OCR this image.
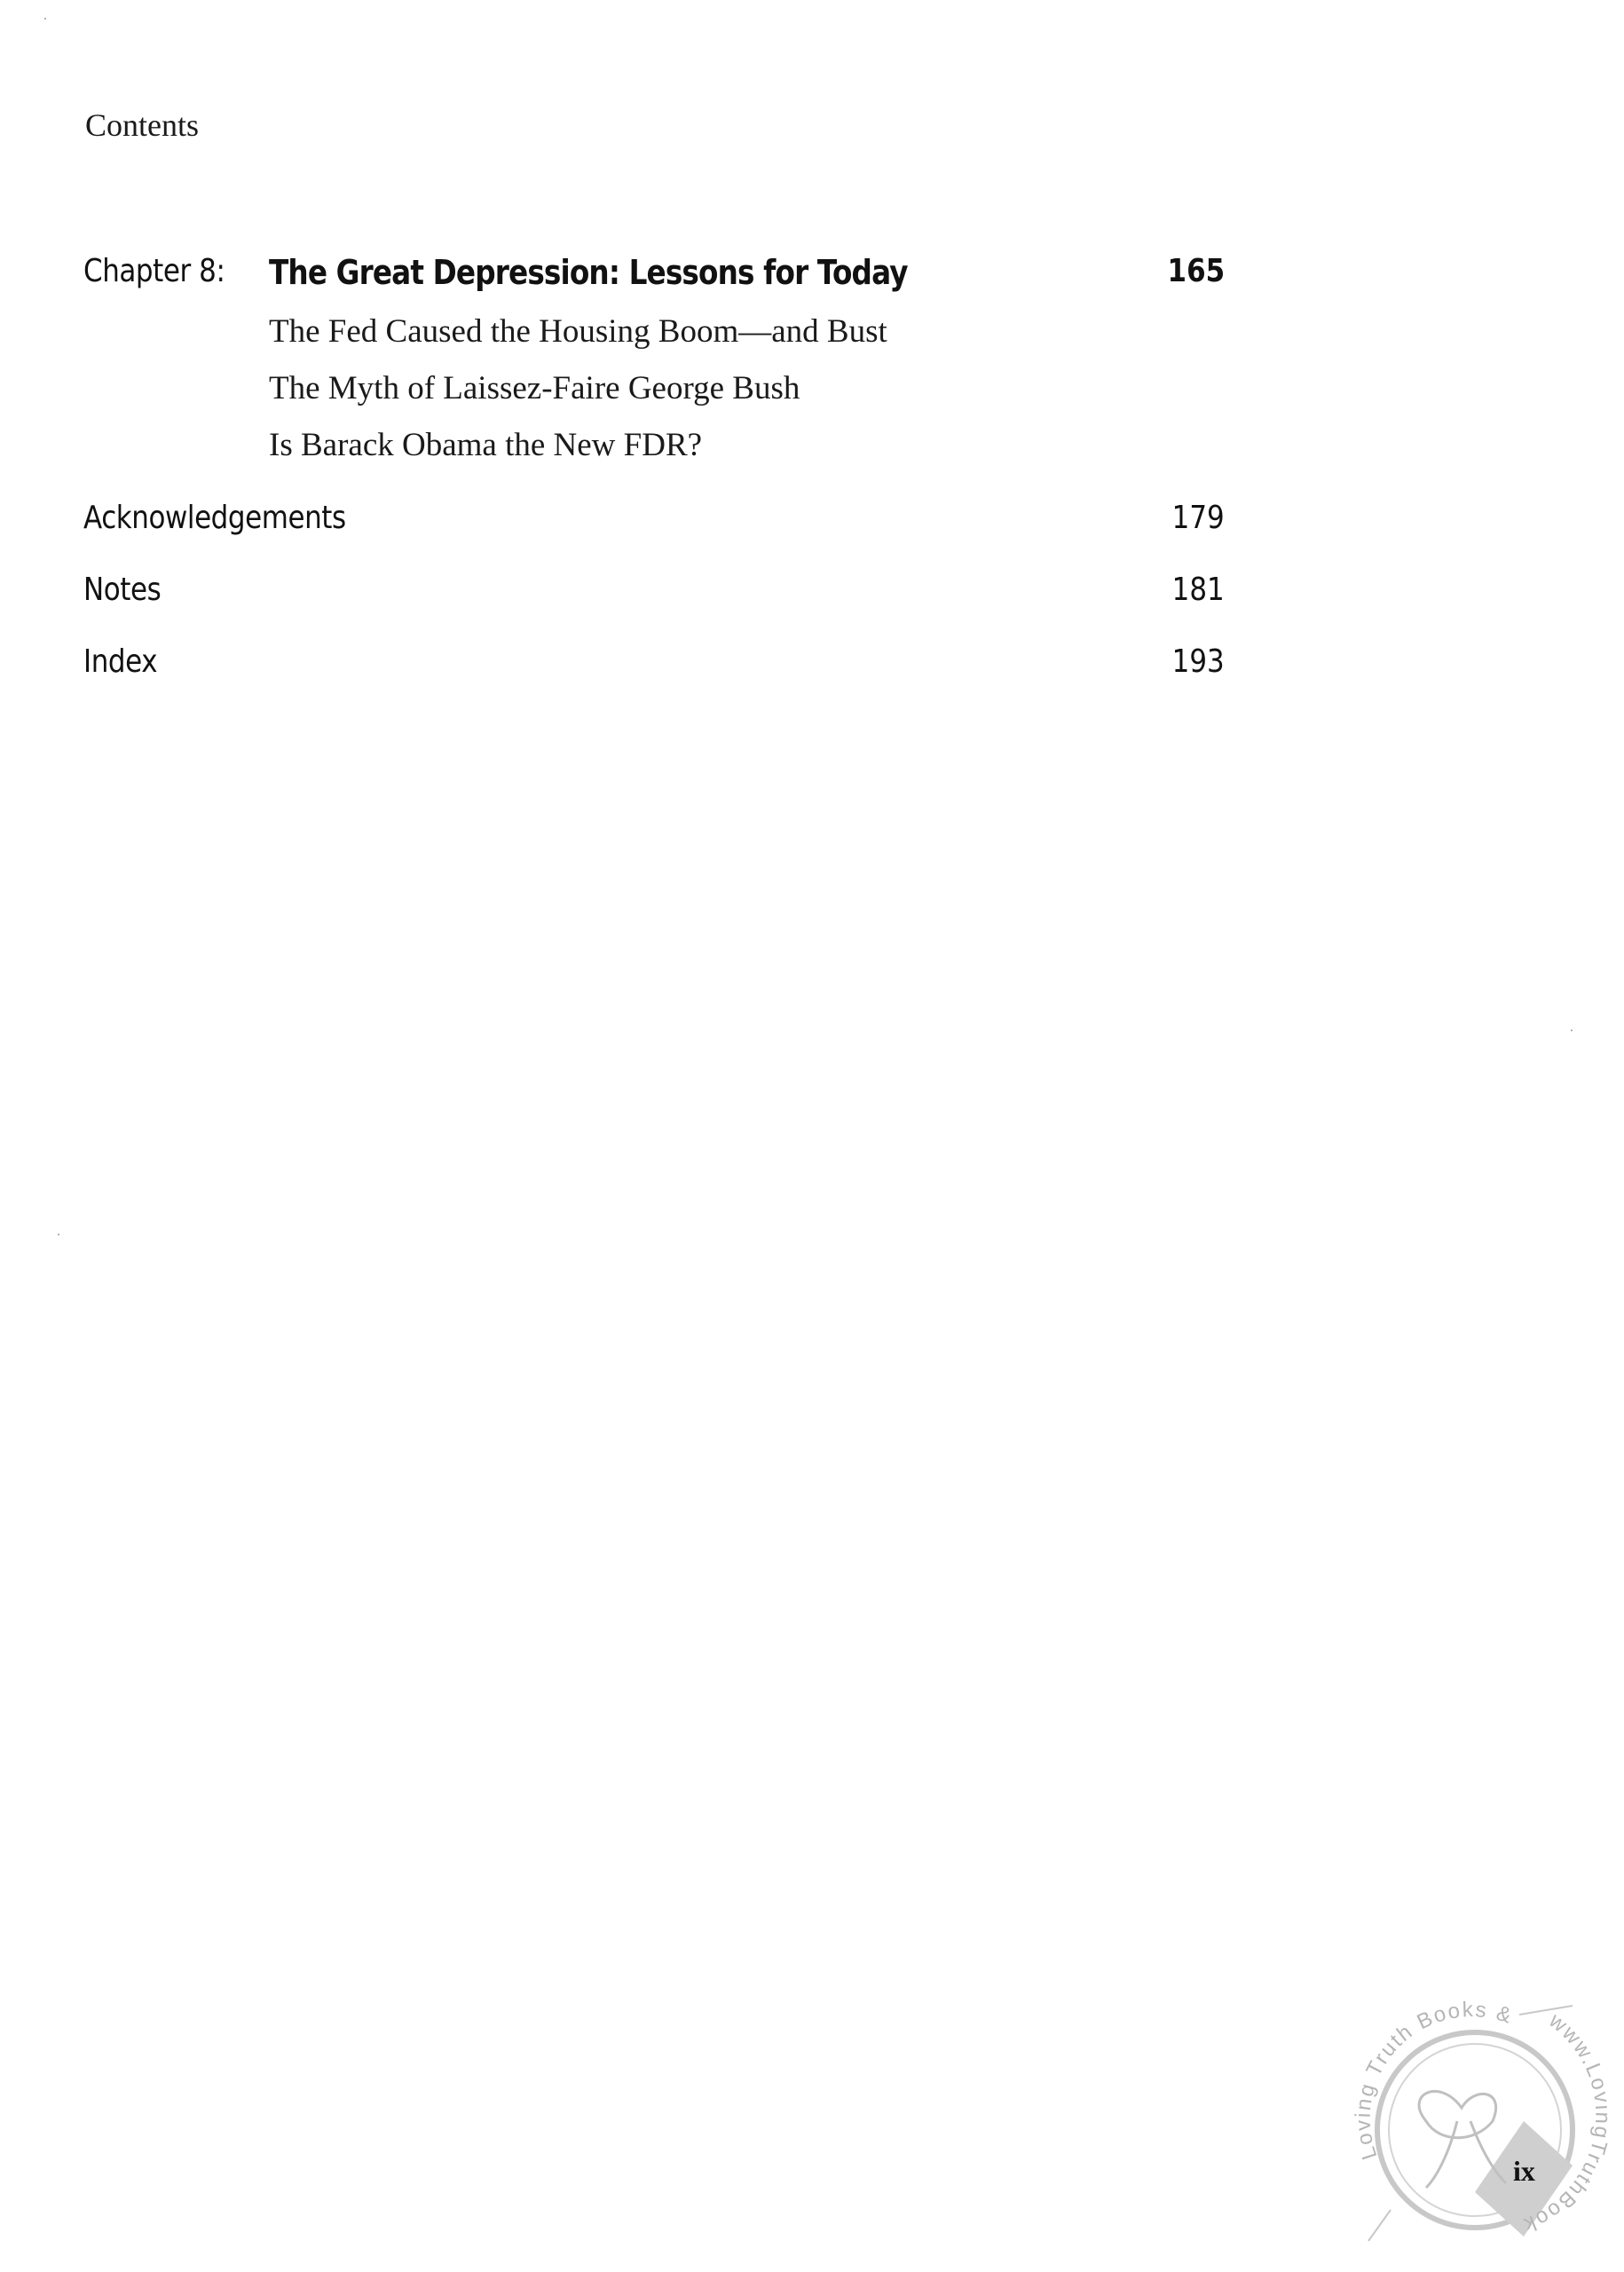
Contents
Chapter 8: The Great Depression: Lessons for Today	165
The Fed Caused the Housing Boom—and Bust
The Myth of Laissez-Faire George Bush
Is Barack Obama the New FDR?
Acknowledgements	179
Notes	181
Index	193
Loving Truth Books &	www.L ruthBook
ix
